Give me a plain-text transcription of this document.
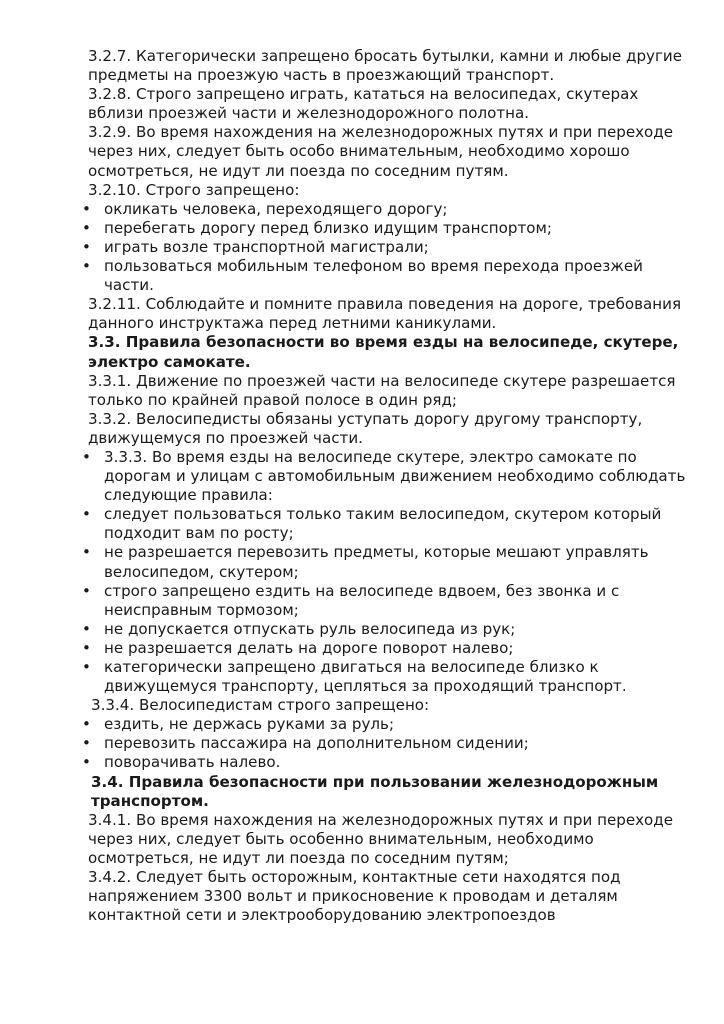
3.2.7. Категорически запрещено бросать бутылки, камни и любые другие предметы на проезжую часть в проезжающий транспорт.

3.2.8. Строго запрещено играть, кататься на велосипедах, скутерах вблизи проезжей части и железнодорожного полотна.

3.2.9. Во время нахождения на железнодорожных путях и при переходе через них, следует быть особо внимательным, необходимо хорошо осмотреться, не идут ли поезда по соседним путям.

3.2.10. Строго запрещено:

• окликать человека, переходящего дорогу;
• перебегать дорогу перед близко идущим транспортом;
• играть возле транспортной магистрали;
• пользоваться мобильным телефоном во время перехода проезжей части.

3.2.11. Соблюдайте и помните правила поведения на дороге, требования данного инструктажа перед летними каникулами.

3.3. Правила безопасности во время езды на велосипеде, скутере, электро самокате.

3.3.1. Движение по проезжей части на велосипеде скутере разрешается только по крайней правой полосе в один ряд;

3.3.2. Велосипедисты обязаны уступать дорогу другому транспорту, движущемуся по проезжей части.

• 3.3.3. Во время езды на велосипеде скутере, электро самокате по дорогам и улицам с автомобильным движением необходимо соблюдать следующие правила:
• следует пользоваться только таким велосипедом, скутером который подходит вам по росту;
• не разрешается перевозить предметы, которые мешают управлять велосипедом, скутером;
• строго запрещено ездить на велосипеде вдвоем, без звонка и с неисправным тормозом;
• не допускается отпускать руль велосипеда из рук;
• не разрешается делать на дороге поворот налево;
• категорически запрещено двигаться на велосипеде близко к движущемуся транспорту, цепляться за проходящий транспорт.

3.3.4. Велосипедистам строго запрещено:

• ездить, не держась руками за руль;
• перевозить пассажира на дополнительном сидении;
• поворачивать налево.

3.4. Правила безопасности при пользовании железнодорожным транспортом.

3.4.1. Во время нахождения на железнодорожных путях и при переходе через них, следует быть особенно внимательным, необходимо осмотреться, не идут ли поезда по соседним путям;

3.4.2. Следует быть осторожным, контактные сети находятся под напряжением 3300 вольт и прикосновение к проводам и деталям контактной сети и электрооборудованию электропоездов
